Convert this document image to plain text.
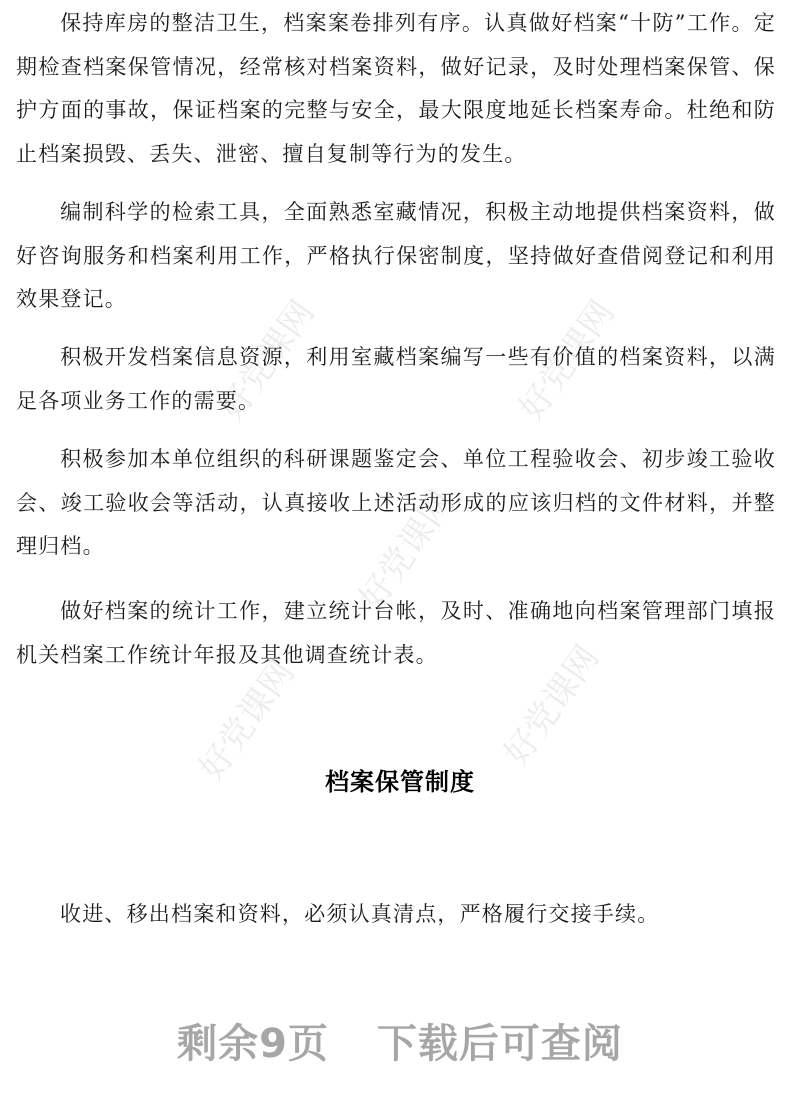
好党课网	好党课网
好党课网
好党课网	好党课网

保持库房的整洁卫生，档案案卷排列有序。认真做好档案“十防”工作。定期检查档案保管情况，经常核对档案资料，做好记录，及时处理档案保管、保护方面的事故，保证档案的完整与安全，最大限度地延长档案寿命。杜绝和防止档案损毁、丢失、泄密、擅自复制等行为的发生。

编制科学的检索工具，全面熟悉室藏情况，积极主动地提供档案资料，做好咨询服务和档案利用工作，严格执行保密制度，坚持做好查借阅登记和利用效果登记。

积极开发档案信息资源，利用室藏档案编写一些有价值的档案资料，以满足各项业务工作的需要。

积极参加本单位组织的科研课题鉴定会、单位工程验收会、初步竣工验收会、竣工验收会等活动，认真接收上述活动形成的应该归档的文件材料，并整理归档。

做好档案的统计工作，建立统计台帐，及时、准确地向档案管理部门填报机关档案工作统计年报及其他调查统计表。

档案保管制度

收进、移出档案和资料，必须认真清点，严格履行交接手续。

剩余9页 下载后可查阅
